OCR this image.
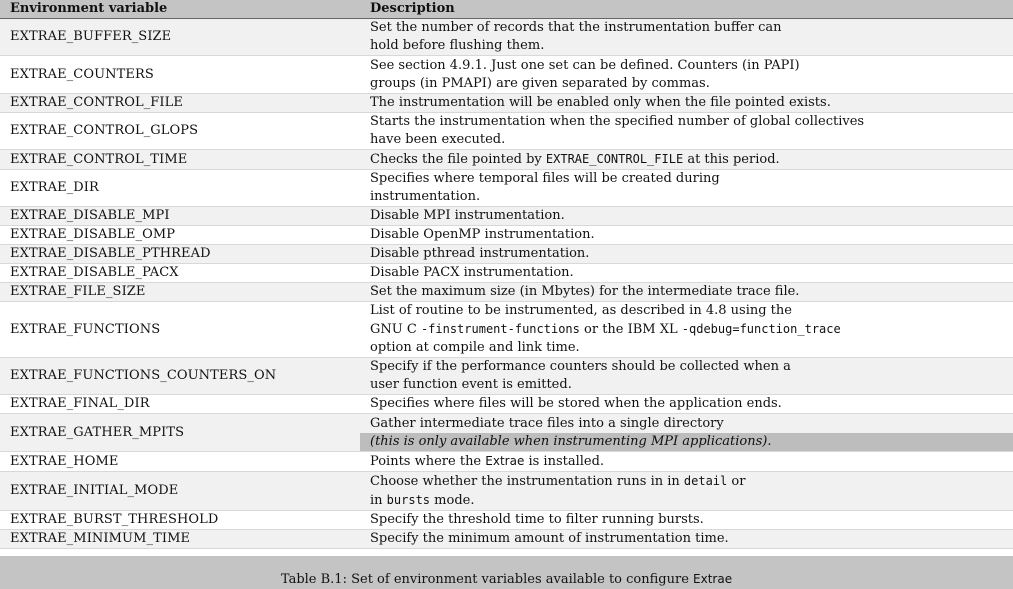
Environment variable	Description
EXTRAE_BUFFER_SIZE	Set the number of records that the instrumentation buffer can
hold before flushing them.

EXTRAE_COUNTERS	See section 4.9.1. Just one set can be defined. Counters (in PAPI)
groups (in PMAPI) are given separated by commas.

EXTRAE_CONTROL_FILE	The instrumentation will be enabled only when the file pointed exists.

EXTRAE_CONTROL_GLOPS	Starts the instrumentation when the specified number of global collectives
have been executed.

EXTRAE_CONTROL_TIME	Checks the file pointed by EXTRAE_CONTROL_FILE at this period.
EXTRAE_DIR	Specifies where temporal files will be created during
instrumentation.

EXTRAE_DISABLE_MPI	Disable MPI instrumentation.
EXTRAE_DISABLE_OMP	Disable OpenMP instrumentation.
EXTRAE_DISABLE_PTHREAD	Disable pthread instrumentation.
EXTRAE_DISABLE_PACX	Disable PACX instrumentation.
EXTRAE_FILE_SIZE	Set the maximum size (in Mbytes) for the intermediate trace file.
EXTRAE_FUNCTIONS	List of routine to be instrumented, as described in 4.8 using the
GNU C -finstrument-functions or the IBM XL -qdebug=function_trace
option at compile and link time.

EXTRAE_FUNCTIONS_COUNTERS_ON	Specify if the performance counters should be collected when a
user function event is emitted.

EXTRAE_FINAL_DIR	Specifies where files will be stored when the application ends.
EXTRAE_GATHER_MPITS	Gather intermediate trace files into a single directory
(this is only available when instrumenting MPI applications).

EXTRAE_HOME	Points where the Extrae is installed.
EXTRAE_INITIAL_MODE	Choose whether the instrumentation runs in in detail or
in bursts mode.

EXTRAE_BURST_THRESHOLD	Specify the threshold time to filter running bursts.
EXTRAE_MINIMUM_TIME	Specify the minimum amount of instrumentation time.
Table B.1: Set of environment variables available to configure Extrae
